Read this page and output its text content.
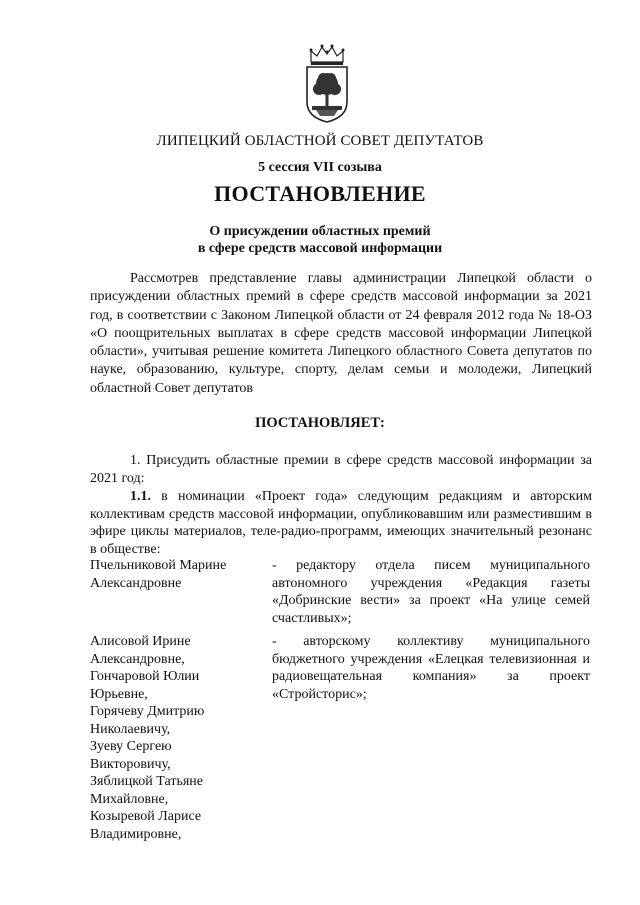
ЛИПЕЦКИЙ ОБЛАСТНОЙ СОВЕТ ДЕПУТАТОВ
5 сессия VII созыва
ПОСТАНОВЛЕНИЕ
О присуждении областных премий
в сфере средств массовой информации
Рассмотрев представление главы администрации Липецкой области о присуждении областных премий в сфере средств массовой информации за 2021 год, в соответствии с Законом Липецкой области от 24 февраля 2012 года № 18-ОЗ «О поощрительных выплатах в сфере средств массовой информации Липецкой области», учитывая решение комитета Липецкого областного Совета депутатов по науке, образованию, культуре, спорту, делам семьи и молодежи, Липецкий областной Совет депутатов
ПОСТАНОВЛЯЕТ:
1. Присудить областные премии в сфере средств массовой информации за 2021 год:
1.1. в номинации «Проект года» следующим редакциям и авторским коллективам средств массовой информации, опубликовавшим или разместившим в эфире циклы материалов, теле-радио-программ, имеющих значительный резонанс в обществе:
Пчельниковой Марине
Александровне
- редактору отдела писем муниципального автономного учреждения «Редакция газеты «Добринские вести» за проект «На улице семей счастливых»;
Алисовой Ирине
Александровне,
Гончаровой Юлии
Юрьевне,
Горячеву Дмитрию
Николаевичу,
Зуеву Сергею
Викторовичу,
Зяблицкой Татьяне
Михайловне,
Козыревой Ларисе
Владимировне,
- авторскому коллективу муниципального бюджетного учреждения «Елецкая телевизионная и радиовещательная компания» за проект «Стройсторис»;
